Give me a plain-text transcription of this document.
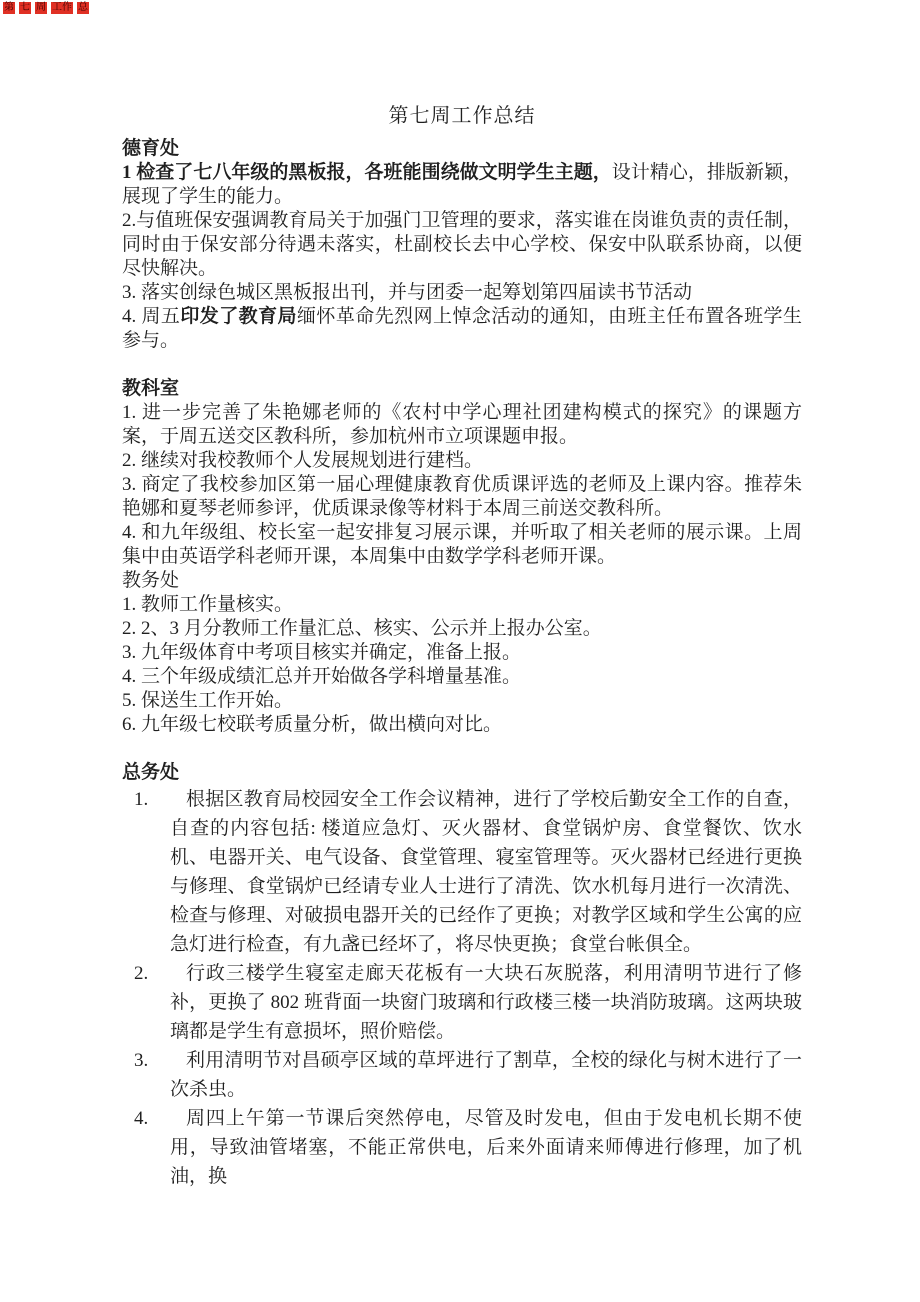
第 七 周 工作 总
第七周工作总结
德育处

1 检查了七八年级的黑板报，各班能围绕做文明学生主题，设计精心，排版新颖，展现了学生的能力。

2.与值班保安强调教育局关于加强门卫管理的要求，落实谁在岗谁负责的责任制，同时由于保安部分待遇未落实，杜副校长去中心学校、保安中队联系协商，以便尽快解决。

3. 落实创绿色城区黑板报出刊，并与团委一起筹划第四届读书节活动

4. 周五印发了教育局缅怀革命先烈网上悼念活动的通知，由班主任布置各班学生参与。

教科室

1. 进一步完善了朱艳娜老师的《农村中学心理社团建构模式的探究》的课题方案，于周五送交区教科所，参加杭州市立项课题申报。

2. 继续对我校教师个人发展规划进行建档。

3. 商定了我校参加区第一届心理健康教育优质课评选的老师及上课内容。推荐朱艳娜和夏琴老师参评，优质课录像等材料于本周三前送交教科所。

4. 和九年级组、校长室一起安排复习展示课，并听取了相关老师的展示课。上周集中由英语学科老师开课，本周集中由数学学科老师开课。

教务处

1. 教师工作量核实。

2. 2、3 月分教师工作量汇总、核实、公示并上报办公室。

3. 九年级体育中考项目核实并确定，准备上报。

4. 三个年级成绩汇总并开始做各学科增量基准。

5. 保送生工作开始。

6. 九年级七校联考质量分析，做出横向对比。

总务处
1. 根据区教育局校园安全工作会议精神，进行了学校后勤安全工作的自查，自查的内容包括: 楼道应急灯、灭火器材、食堂锅炉房、食堂餐饮、饮水机、电器开关、电气设备、食堂管理、寝室管理等。灭火器材已经进行更换与修理、食堂锅炉已经请专业人士进行了清洗、饮水机每月进行一次清洗、检查与修理、对破损电器开关的已经作了更换；对教学区域和学生公寓的应急灯进行检查，有九盏已经坏了，将尽快更换；食堂台帐俱全。
2. 行政三楼学生寝室走廊天花板有一大块石灰脱落，利用清明节进行了修补，更换了 802 班背面一块窗门玻璃和行政楼三楼一块消防玻璃。这两块玻璃都是学生有意损坏，照价赔偿。
3. 利用清明节对昌硕亭区域的草坪进行了割草，全校的绿化与树木进行了一次杀虫。
4. 周四上午第一节课后突然停电，尽管及时发电，但由于发电机长期不使用，导致油管堵塞，不能正常供电，后来外面请来师傅进行修理，加了机油，换
